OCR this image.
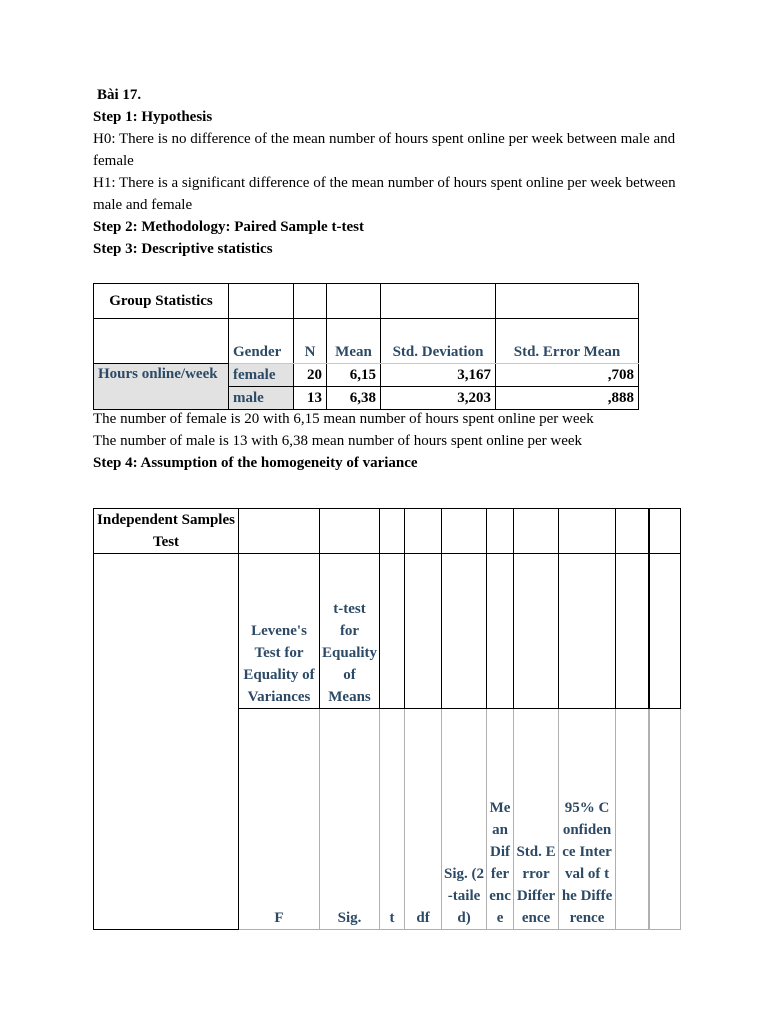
Bài 17.

Step 1: Hypothesis

H0: There is no difference of the mean number of hours spent online per week between male and female

H1: There is a significant difference of the mean number of hours spent online per week between male and female

Step 2: Methodology: Paired Sample t-test

Step 3: Descriptive statistics

Group Statistics					
	Gender	N	Mean	Std. Deviation	Std. Error Mean
Hours online/week	female	20	6,15	3,167	,708
	male	13	6,38	3,203	,888

The number of female is 20 with 6,15 mean number of hours spent online per week

The number of male is 13 with 6,38 mean number of hours spent online per week

Step 4: Assumption of the homogeneity of variance

Independent Samples Test										
	Levene's Test for Equality of Variances	t-test for Equality of Means								
	F	Sig.	t	df	Sig. (2-tailed)	Mean Difference	Std. Error Difference	95% Confidence Interval of the Difference		
